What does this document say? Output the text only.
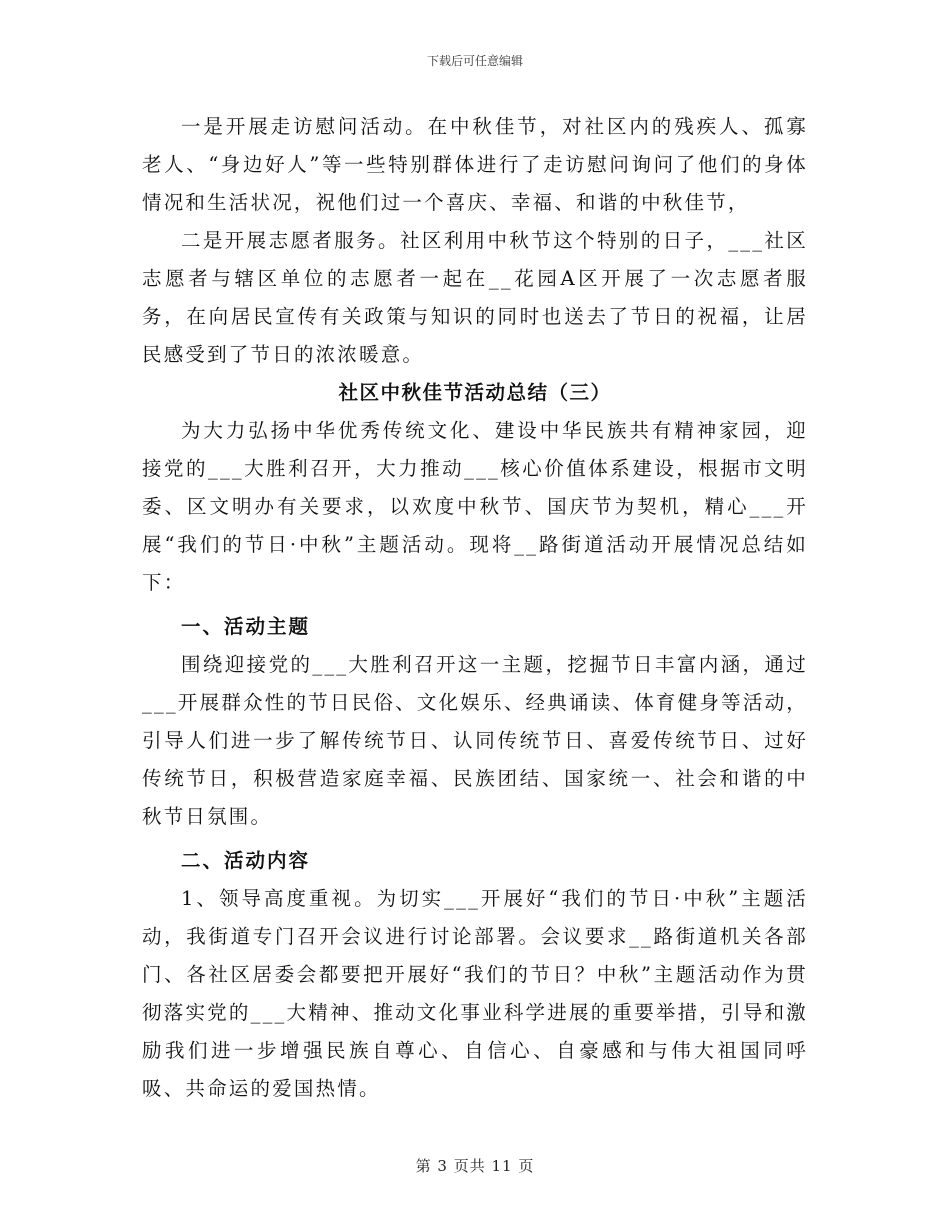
下载后可任意编辑

一是开展走访慰问活动。在中秋佳节，对社区内的残疾人、孤寡老人、“身边好人”等一些特别群体进行了走访慰问询问了他们的身体情况和生活状况，祝他们过一个喜庆、幸福、和谐的中秋佳节，

二是开展志愿者服务。社区利用中秋节这个特别的日子，___社区志愿者与辖区单位的志愿者一起在__花园A区开展了一次志愿者服务，在向居民宣传有关政策与知识的同时也送去了节日的祝福，让居民感受到了节日的浓浓暖意。

社区中秋佳节活动总结（三）

为大力弘扬中华优秀传统文化、建设中华民族共有精神家园，迎接党的___大胜利召开，大力推动___核心价值体系建设，根据市文明委、区文明办有关要求，以欢度中秋节、国庆节为契机，精心___开展“我们的节日·中秋”主题活动。现将__路街道活动开展情况总结如下：

一、活动主题

围绕迎接党的___大胜利召开这一主题，挖掘节日丰富内涵，通过___开展群众性的节日民俗、文化娱乐、经典诵读、体育健身等活动，引导人们进一步了解传统节日、认同传统节日、喜爱传统节日、过好传统节日，积极营造家庭幸福、民族团结、国家统一、社会和谐的中秋节日氛围。

二、活动内容

1、领导高度重视。为切实___开展好“我们的节日·中秋”主题活动，我街道专门召开会议进行讨论部署。会议要求__路街道机关各部门、各社区居委会都要把开展好“我们的节日？中秋”主题活动作为贯彻落实党的___大精神、推动文化事业科学进展的重要举措，引导和激励我们进一步增强民族自尊心、自信心、自豪感和与伟大祖国同呼吸、共命运的爱国热情。

第 3 页共 11 页
